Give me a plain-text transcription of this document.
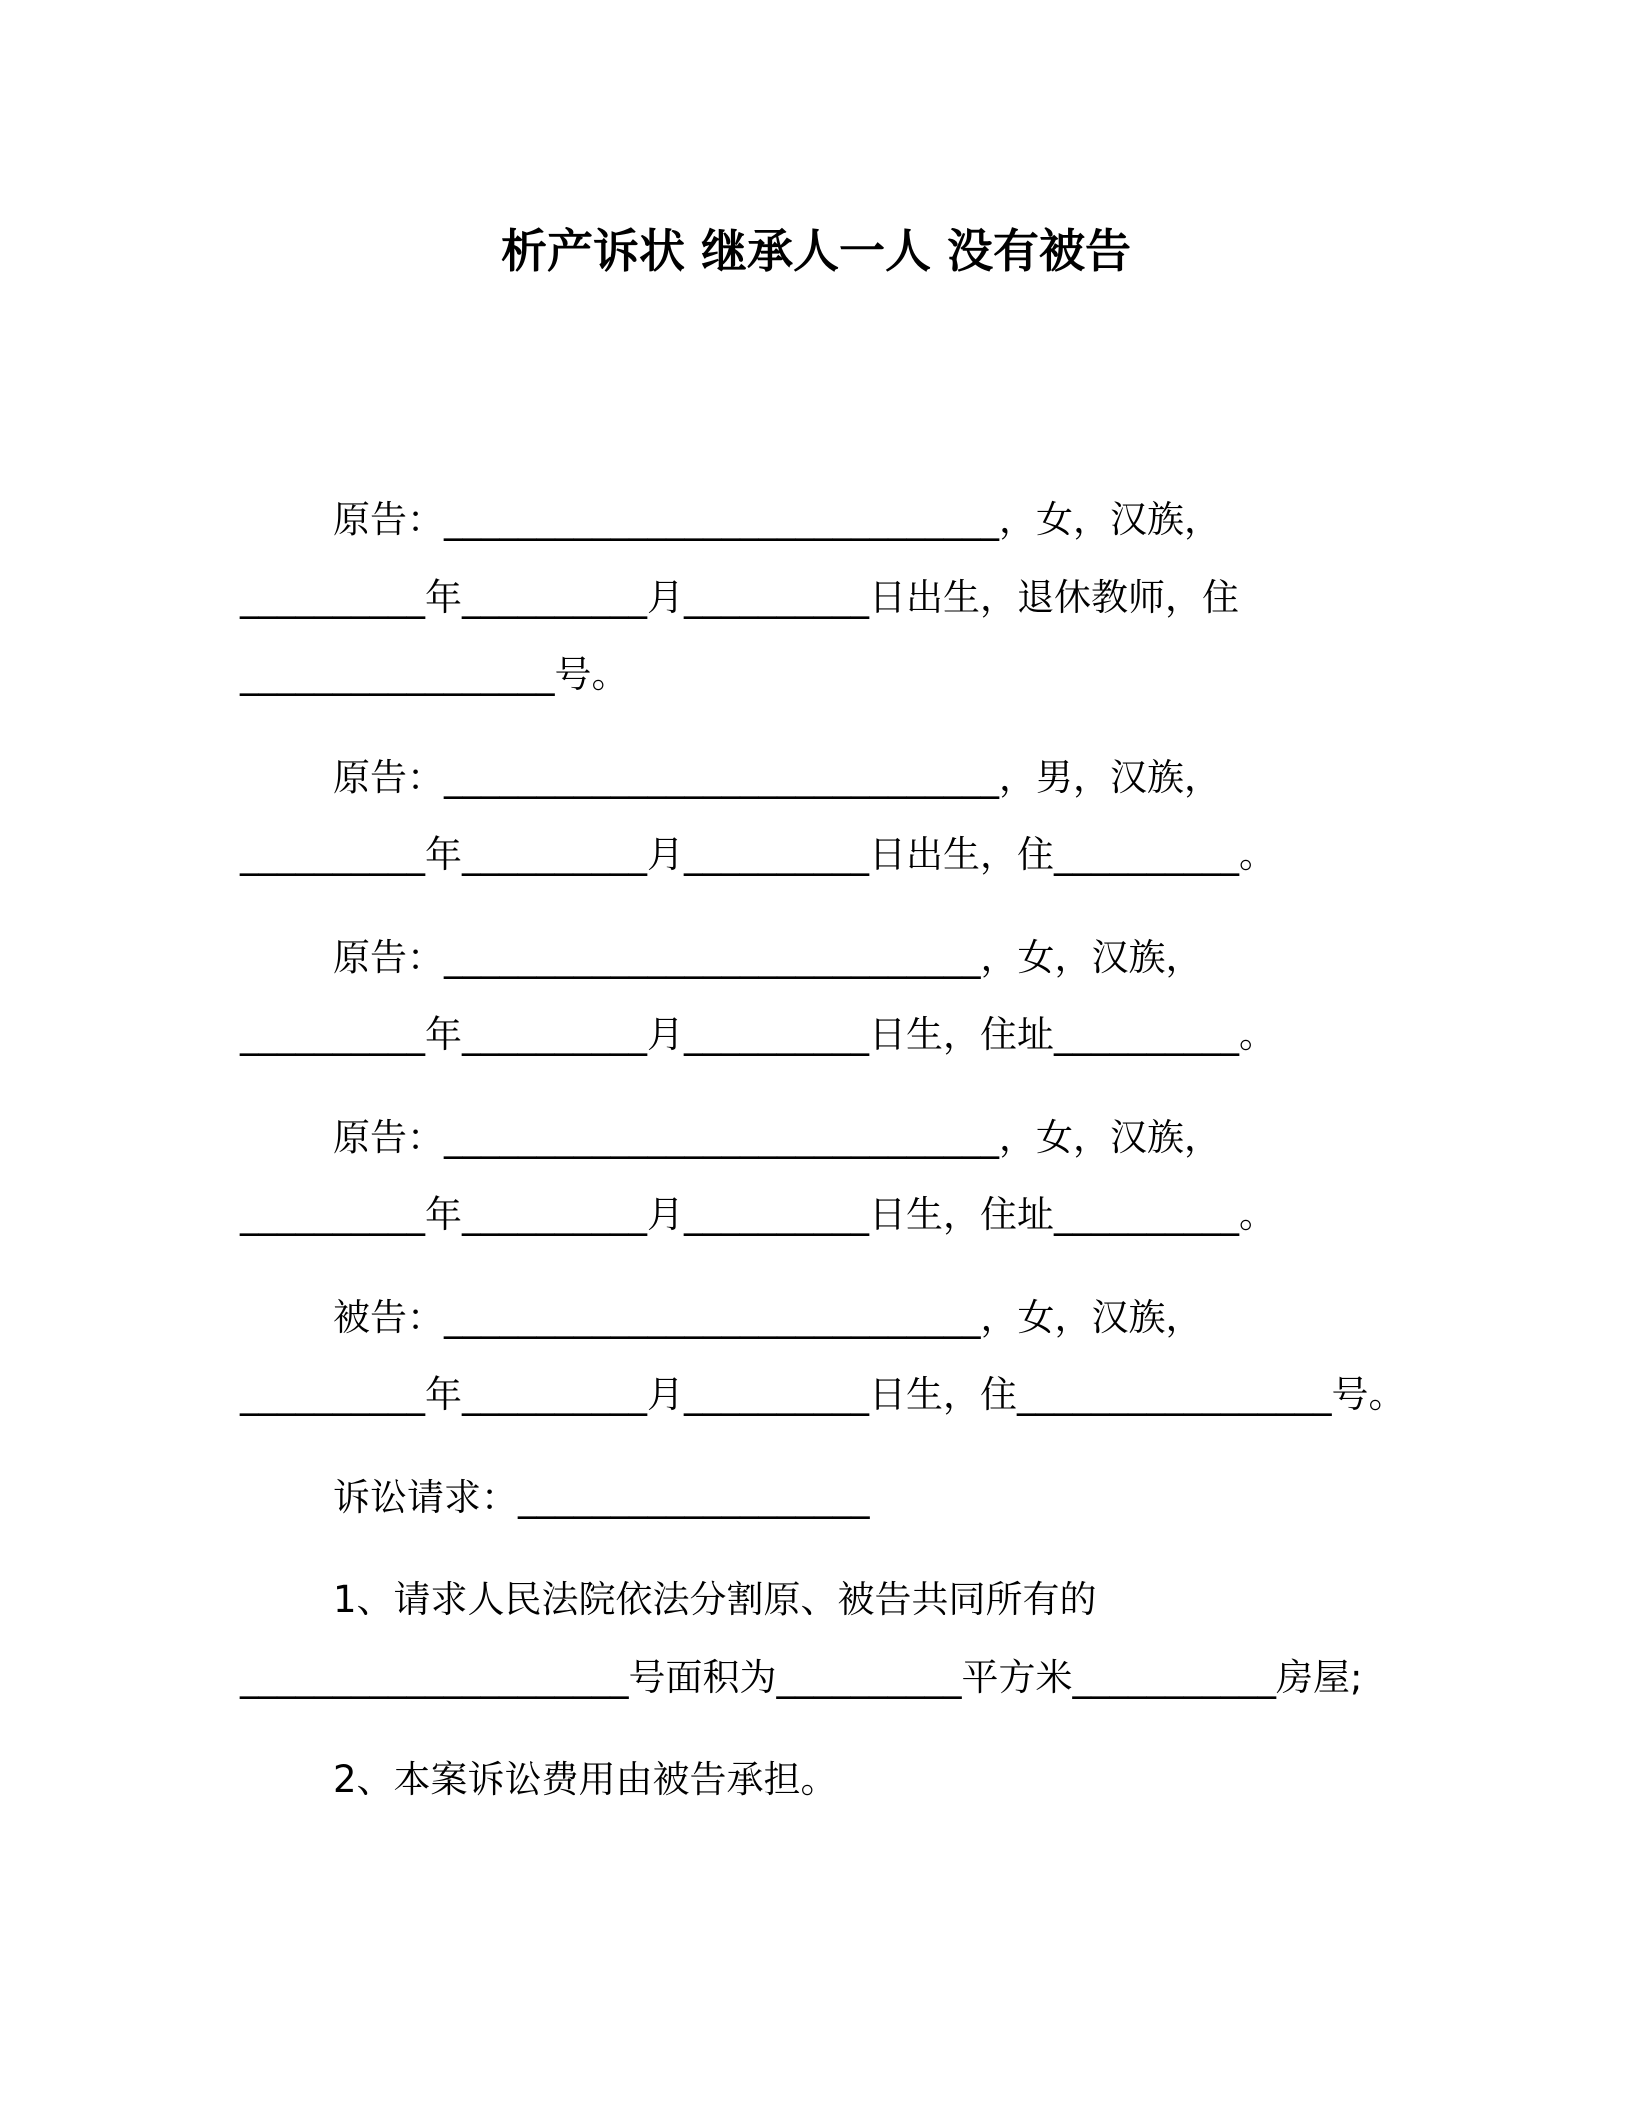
析产诉状 继承人一人 没有被告
原告：______________________________，女，汉族，
__________年__________月__________日出生，退休教师，住
_________________号。
原告：______________________________，男，汉族，
__________年__________月__________日出生，住__________。
原告：_____________________________，女，汉族，
__________年__________月__________日生，住址__________。
原告：______________________________，女，汉族，
__________年__________月__________日生，住址__________。
被告：_____________________________，女，汉族，
__________年__________月__________日生，住_________________号。
诉讼请求：___________________
1、请求人民法院依法分割原、被告共同所有的
_____________________号面积为__________平方米___________房屋;
2、本案诉讼费用由被告承担。
